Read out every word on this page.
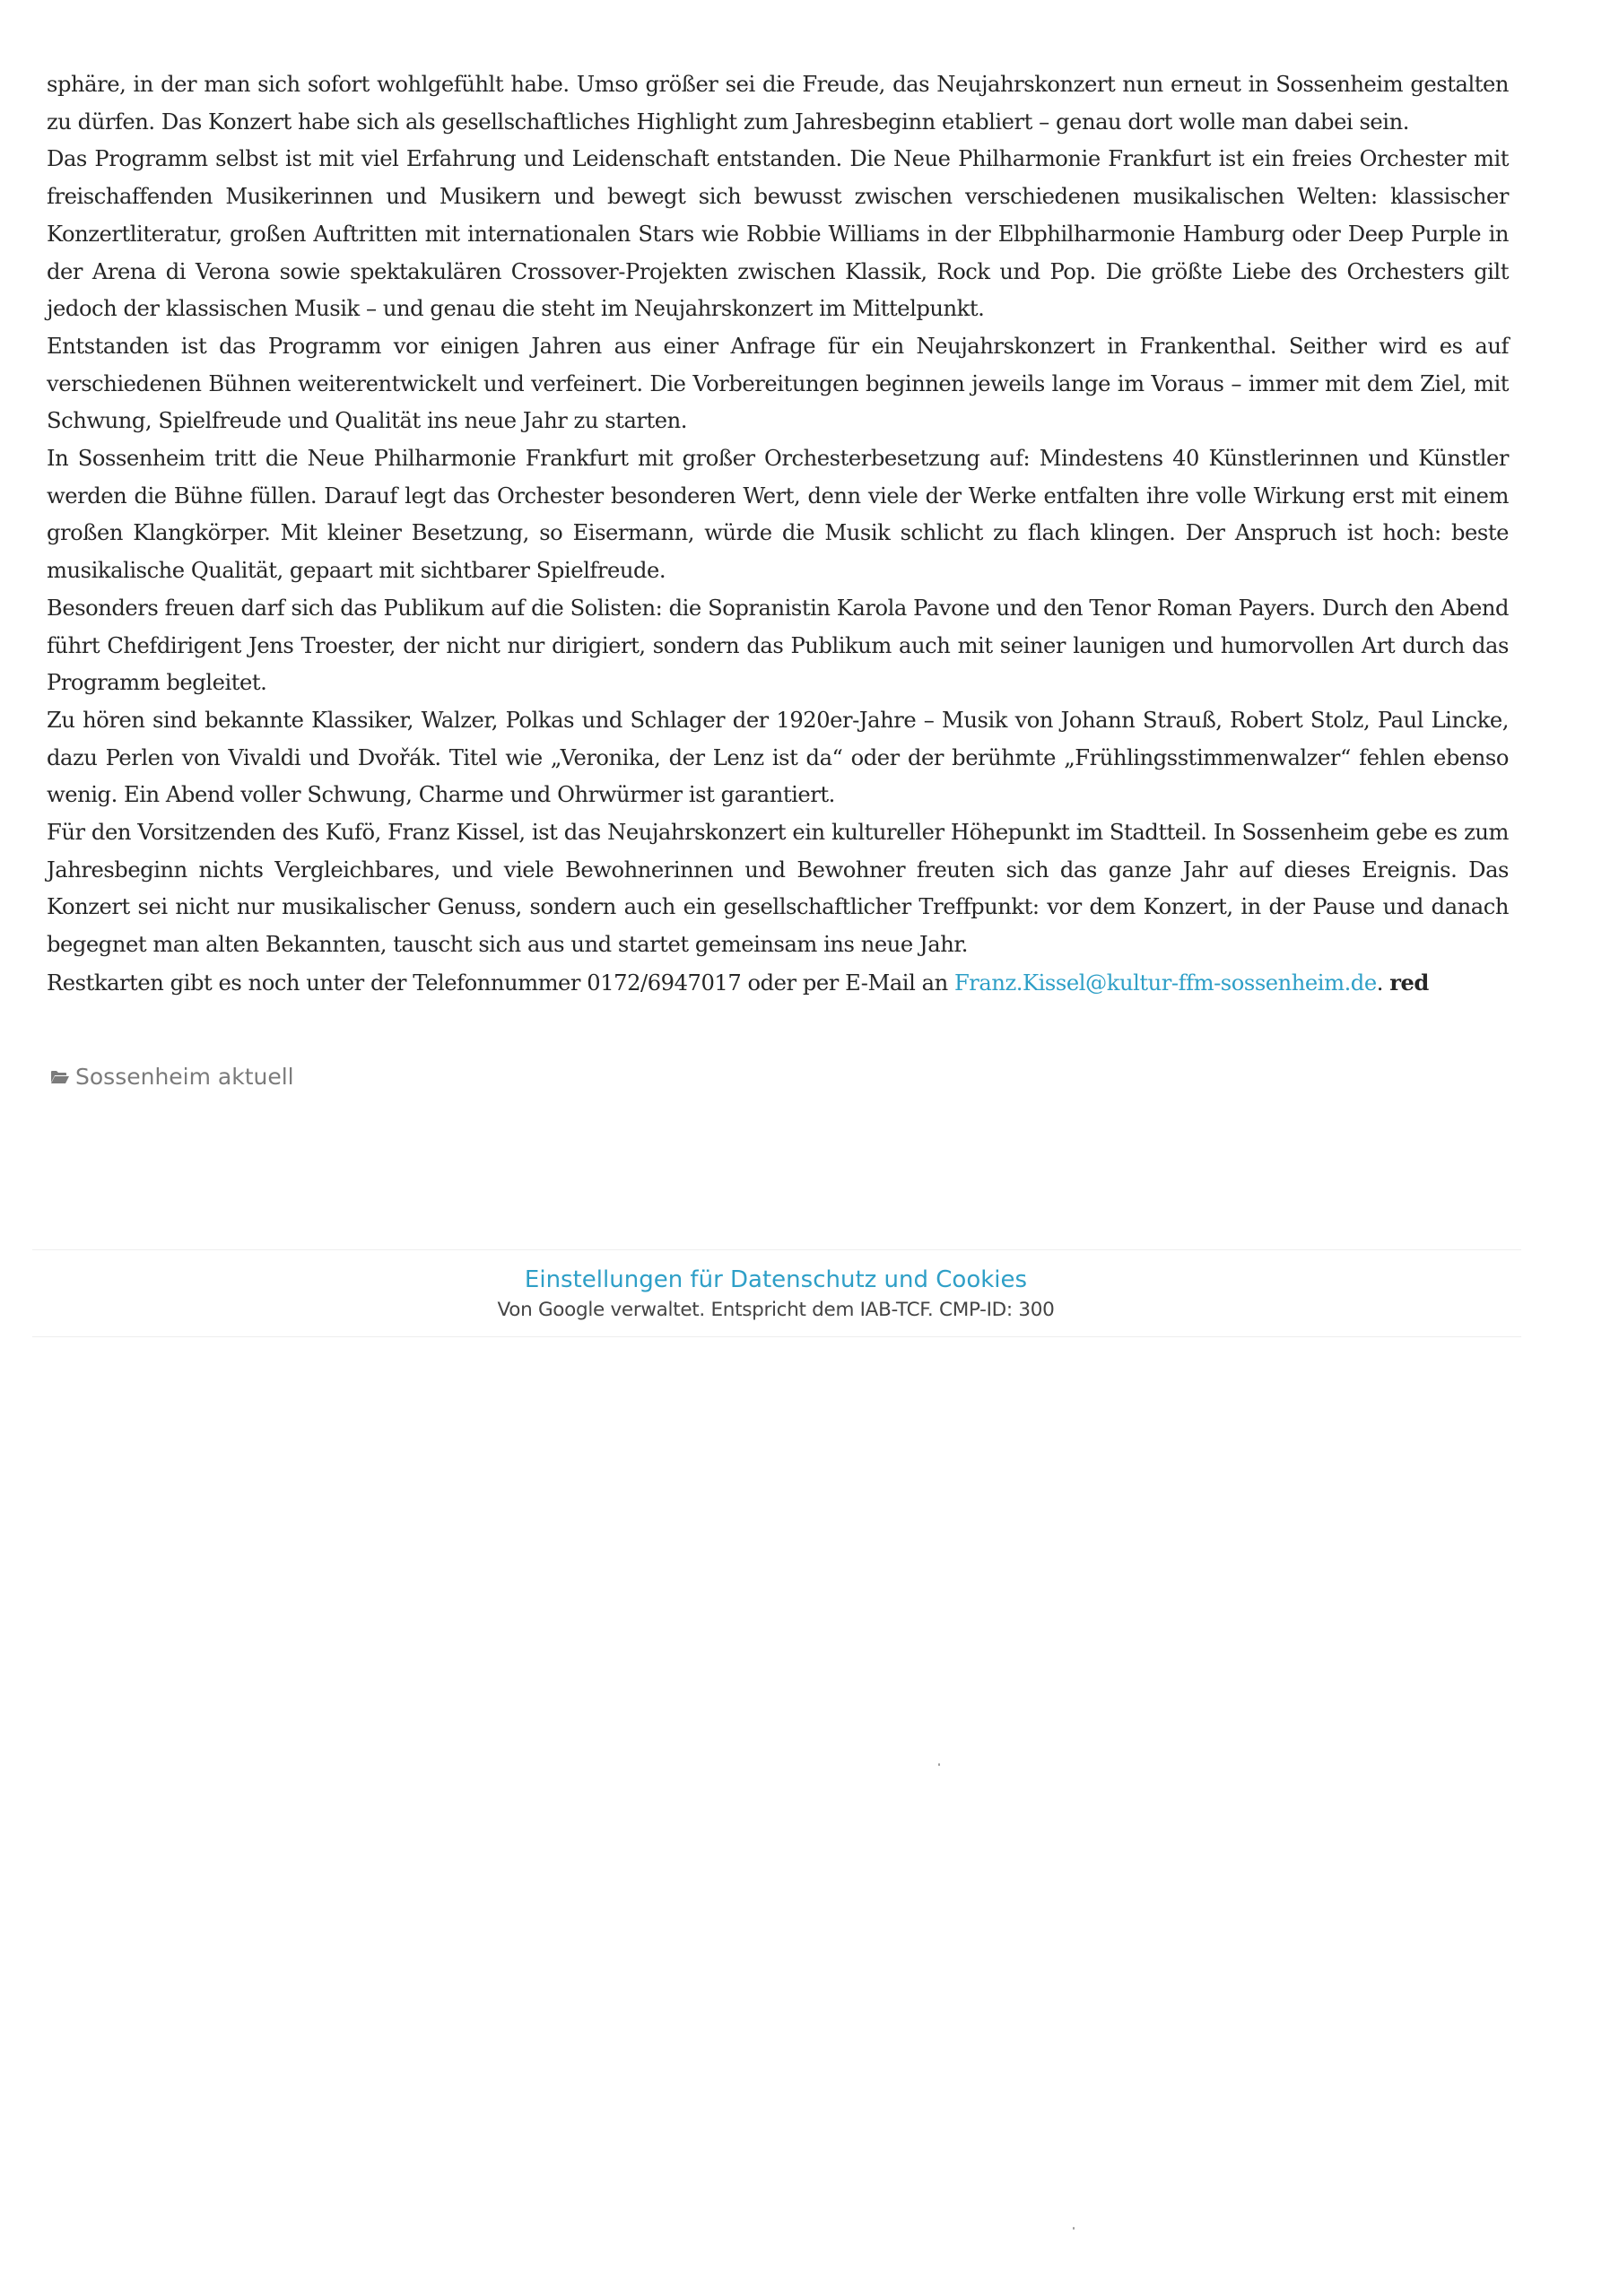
sphäre, in der man sich sofort wohlgefühlt habe. Umso größer sei die Freude, das Neujahrskonzert nun erneut in Sossenheim gestalten zu dürfen. Das Konzert habe sich als gesellschaftliches Highlight zum Jahresbeginn etabliert – genau dort wolle man dabei sein.

Das Programm selbst ist mit viel Erfahrung und Leidenschaft entstanden. Die Neue Philharmonie Frankfurt ist ein freies Orchester mit freischaffenden Musikerinnen und Musikern und bewegt sich bewusst zwischen verschiedenen musikalischen Welten: klassischer Konzertliteratur, großen Auftritten mit internationalen Stars wie Robbie Williams in der Elbphilharmonie Hamburg oder Deep Purple in der Arena di Verona sowie spektakulären Crossover-Projekten zwischen Klassik, Rock und Pop. Die größte Liebe des Orchesters gilt jedoch der klassischen Musik – und genau die steht im Neujahrskonzert im Mittelpunkt.

Entstanden ist das Programm vor einigen Jahren aus einer Anfrage für ein Neujahrskonzert in Frankenthal. Seither wird es auf verschiedenen Bühnen weiterentwickelt und verfeinert. Die Vorbereitungen beginnen jeweils lange im Voraus – immer mit dem Ziel, mit Schwung, Spielfreude und Qualität ins neue Jahr zu starten.

In Sossenheim tritt die Neue Philharmonie Frankfurt mit großer Orchesterbesetzung auf: Mindestens 40 Künstlerinnen und Künstler werden die Bühne füllen. Darauf legt das Orchester besonderen Wert, denn viele der Werke entfalten ihre volle Wirkung erst mit einem großen Klangkörper. Mit kleiner Besetzung, so Eisermann, würde die Musik schlicht zu flach klingen. Der Anspruch ist hoch: beste musikalische Qualität, gepaart mit sichtbarer Spielfreude.

Besonders freuen darf sich das Publikum auf die Solisten: die Sopranistin Karola Pavone und den Tenor Roman Payers. Durch den Abend führt Chefdirigent Jens Troester, der nicht nur dirigiert, sondern das Publikum auch mit seiner launigen und humorvollen Art durch das Programm begleitet.

Zu hören sind bekannte Klassiker, Walzer, Polkas und Schlager der 1920er-Jahre – Musik von Johann Strauß, Robert Stolz, Paul Lincke, dazu Perlen von Vivaldi und Dvořák. Titel wie „Veronika, der Lenz ist da“ oder der berühmte „Frühlingsstimmenwalzer“ fehlen ebenso wenig. Ein Abend voller Schwung, Charme und Ohrwürmer ist garantiert.

Für den Vorsitzenden des Kufö, Franz Kissel, ist das Neujahrskonzert ein kultureller Höhepunkt im Stadtteil. In Sossenheim gebe es zum Jahresbeginn nichts Vergleichbares, und viele Bewohnerinnen und Bewohner freuten sich das ganze Jahr auf dieses Ereignis. Das Konzert sei nicht nur musikalischer Genuss, sondern auch ein gesellschaftlicher Treffpunkt: vor dem Konzert, in der Pause und danach begegnet man alten Bekannten, tauscht sich aus und startet gemeinsam ins neue Jahr.

Restkarten gibt es noch unter der Telefonnummer 0172/6947017 oder per E-Mail an Franz.Kissel@kultur-ffm-sossenheim.de. red

Sossenheim aktuell
Einstellungen für Datenschutz und Cookies
Von Google verwaltet. Entspricht dem IAB-TCF. CMP-ID: 300
